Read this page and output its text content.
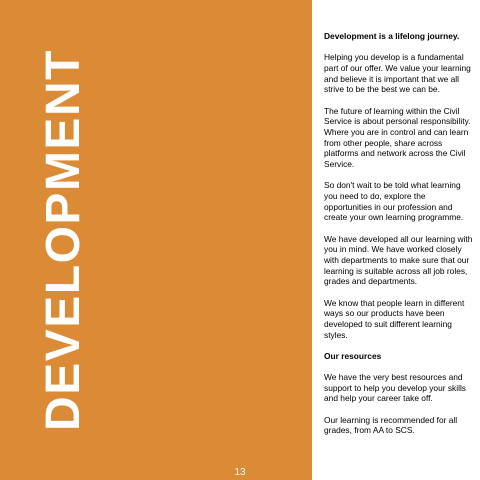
DEVELOPMENT

Development is a lifelong journey.

Helping you develop is a fundamental part of our offer. We value your learning and believe it is important that we all strive to be the best we can be.

The future of learning within the Civil Service is about personal responsibility. Where you are in control and can learn from other people, share across platforms and network across the Civil Service.

So don't wait to be told what learning you need to do, explore the opportunities in our profession and create your own learning programme.

We have developed all our learning with you in mind. We have worked closely with departments to make sure that our learning is suitable across all job roles, grades and departments.

We know that people learn in different ways so our products have been developed to suit different learning styles.

Our resources

We have the very best resources and support to help you develop your skills and help your career take off.

Our learning is recommended for all grades, from AA to SCS.

13
